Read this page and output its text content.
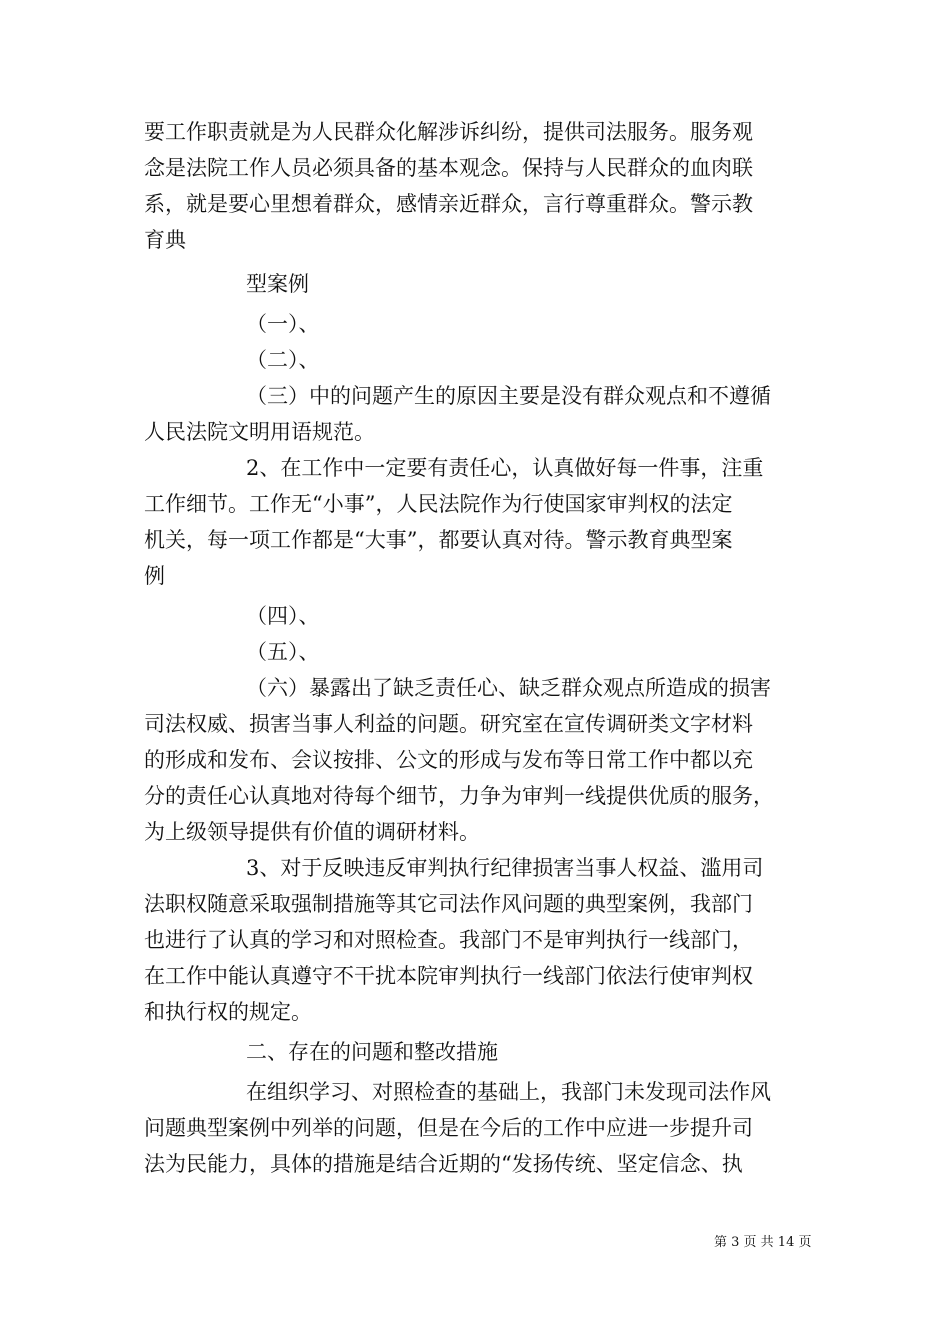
要工作职责就是为人民群众化解涉诉纠纷，提供司法服务。服务观
念是法院工作人员必须具备的基本观念。保持与人民群众的血肉联
系，就是要心里想着群众，感情亲近群众，言行尊重群众。警示教
育典
型案例
（一）、
（二）、
（三）中的问题产生的原因主要是没有群众观点和不遵循
人民法院文明用语规范。
2、在工作中一定要有责任心，认真做好每一件事，注重
工作细节。工作无“小事”，人民法院作为行使国家审判权的法定
机关，每一项工作都是“大事”，都要认真对待。警示教育典型案
例
（四）、
（五）、
（六）暴露出了缺乏责任心、缺乏群众观点所造成的损害
司法权威、损害当事人利益的问题。研究室在宣传调研类文字材料
的形成和发布、会议按排、公文的形成与发布等日常工作中都以充
分的责任心认真地对待每个细节，力争为审判一线提供优质的服务，
为上级领导提供有价值的调研材料。
3、对于反映违反审判执行纪律损害当事人权益、滥用司
法职权随意采取强制措施等其它司法作风问题的典型案例，我部门
也进行了认真的学习和对照检查。我部门不是审判执行一线部门，
在工作中能认真遵守不干扰本院审判执行一线部门依法行使审判权
和执行权的规定。
二、存在的问题和整改措施
在组织学习、对照检查的基础上，我部门未发现司法作风
问题典型案例中列举的问题，但是在今后的工作中应进一步提升司
法为民能力，具体的措施是结合近期的“发扬传统、坚定信念、执
第 3 页 共 14 页
